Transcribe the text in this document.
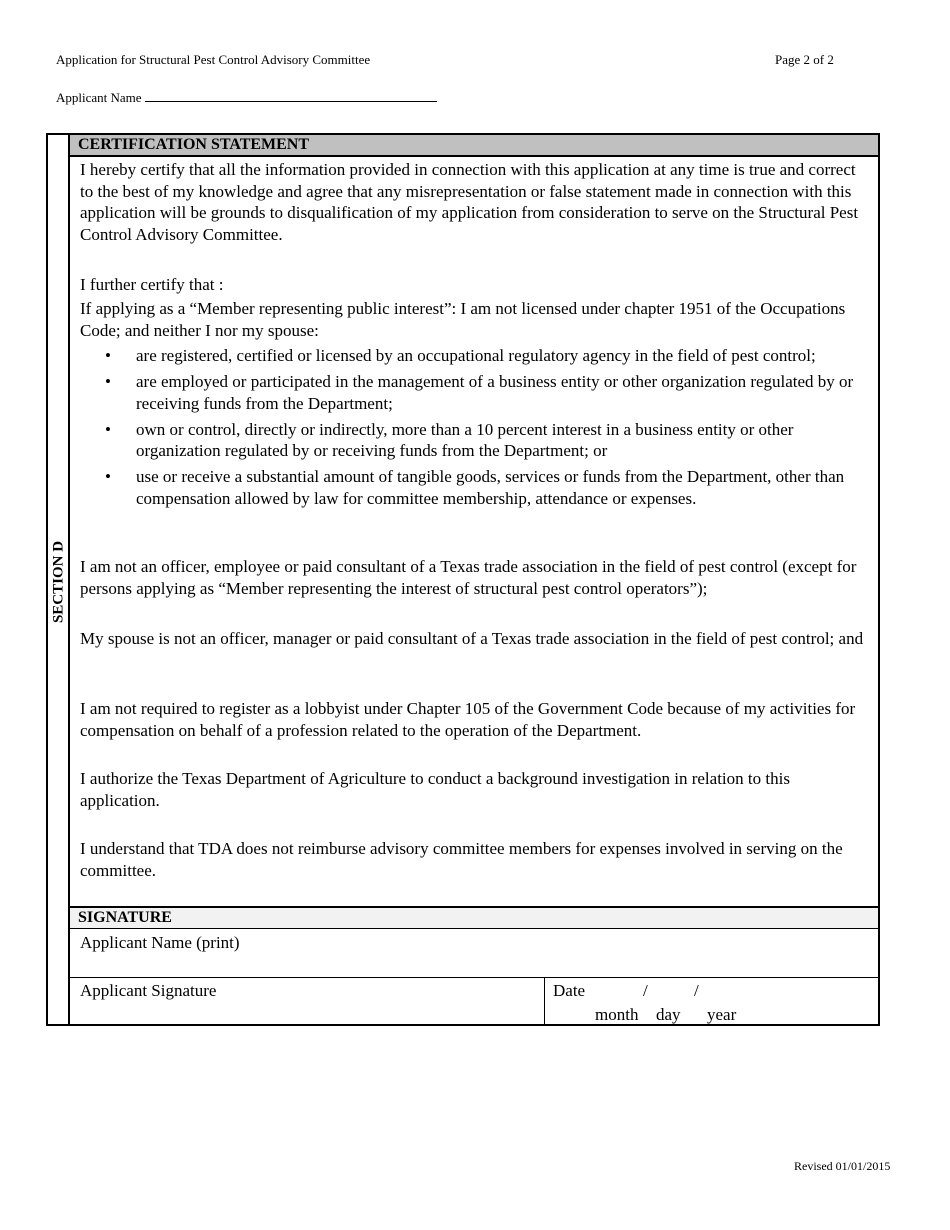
Application for Structural Pest Control Advisory Committee	Page 2 of 2
Applicant Name
SECTION D
CERTIFICATION STATEMENT
I hereby certify that all the information provided in connection with this application at any time is true and correct to the best of my knowledge and agree that any misrepresentation or false statement made in connection with this application will be grounds to disqualification of my application from consideration to serve on the Structural Pest Control Advisory Committee.
I further certify that :
If applying as a “Member representing public interest”: I am not licensed under chapter 1951 of the Occupations Code; and neither I nor my spouse:
• are registered, certified or licensed by an occupational regulatory agency in the field of pest control;
• are employed or participated in the management of a business entity or other organization regulated by or receiving funds from the Department;
• own or control, directly or indirectly, more than a 10 percent interest in a business entity or other organization regulated by or receiving funds from the Department; or
• use or receive a substantial amount of tangible goods, services or funds from the Department, other than compensation allowed by law for committee membership, attendance or expenses.
I am not an officer, employee or paid consultant of a Texas trade association in the field of pest control (except for persons applying as “Member representing the interest of structural pest control operators”);
My spouse is not an officer, manager or paid consultant of a Texas trade association in the field of pest control; and
I am not required to register as a lobbyist under Chapter 105 of the Government Code because of my activities for compensation on behalf of a profession related to the operation of the Department.
I authorize the Texas Department of Agriculture to conduct a background investigation in relation to this application.
I understand that TDA does not reimburse advisory committee members for expenses involved in serving on the committee.
SIGNATURE
Applicant Name (print)
Applicant Signature	Date	/	/
month day year
Revised 01/01/2015
